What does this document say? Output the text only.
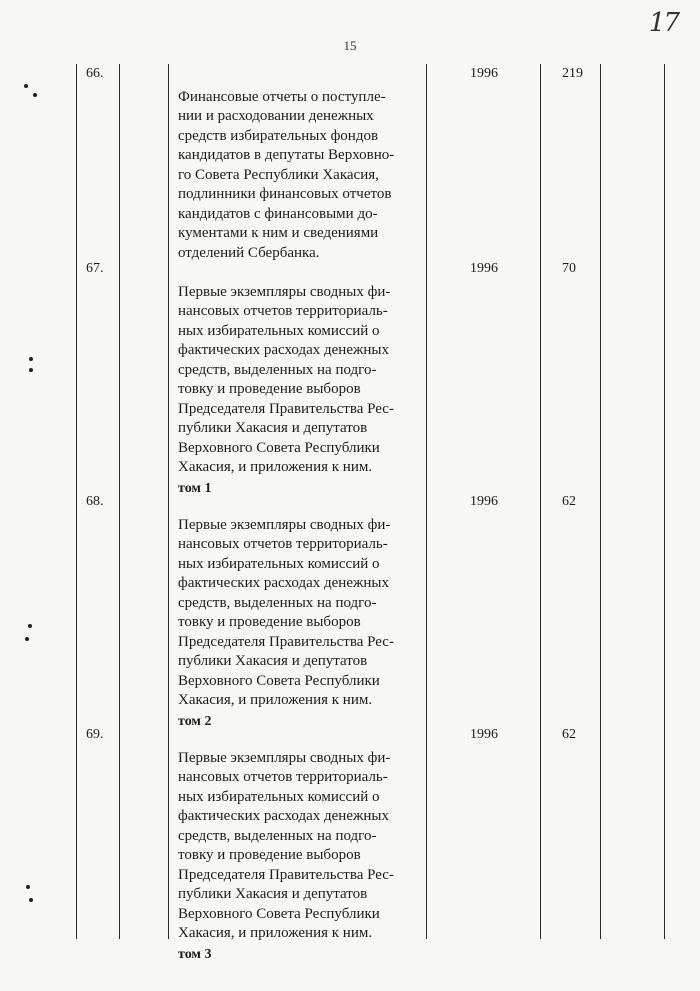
15
17
66.

Финансовые отчеты о поступле-
нии и расходовании денежных
средств избирательных фондов
кандидатов в депутаты Верховно-
го Совета Республики Хакасия,
подлинники финансовых отчетов
кандидатов с финансовыми до-
кументами к ним и сведениями
отделений Сбербанка.

1996	219
67.

Первые экземпляры сводных фи-
нансовых отчетов территориаль-
ных избирательных комиссий о
фактических расходах денежных
средств, выделенных на подго-
товку и проведение выборов
Председателя Правительства Рес-
публики Хакасия и депутатов
Верховного Совета Республики
Хакасия, и приложения к ним.

том 1

1996	70
68.

Первые экземпляры сводных фи-
нансовых отчетов территориаль-
ных избирательных комиссий о
фактических расходах денежных
средств, выделенных на подго-
товку и проведение выборов
Председателя Правительства Рес-
публики Хакасия и депутатов
Верховного Совета Республики
Хакасия, и приложения к ним.

том 2

1996	62
69.

Первые экземпляры сводных фи-
нансовых отчетов территориаль-
ных избирательных комиссий о
фактических расходах денежных
средств, выделенных на подго-
товку и проведение выборов
Председателя Правительства Рес-
публики Хакасия и депутатов
Верховного Совета Республики
Хакасия, и приложения к ним.

том 3

1996	62
